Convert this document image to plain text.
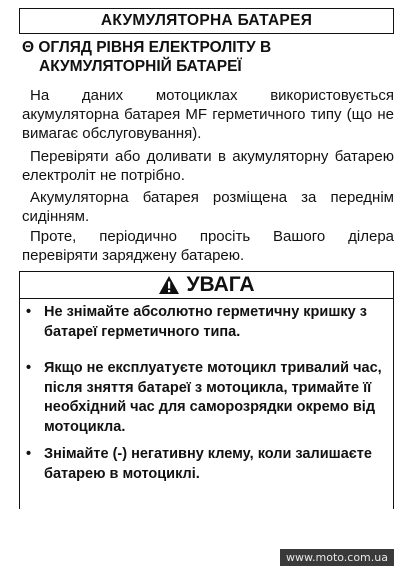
АКУМУЛЯТОРНА БАТАРЕЯ
Θ ОГЛЯД РІВНЯ ЕЛЕКТРОЛІТУ В
АКУМУЛЯТОРНІЙ БАТАРЕЇ
На даних мотоциклах використовується акумуляторна батарея MF герметичного типу (що не вимагає обслуговування).
Перевіряти або доливати в акумуляторну батарею електроліт не потрібно.
Акумуляторна батарея розміщена за переднім сидінням.
Проте, періодично просіть Вашого ділера перевіряти заряджену батарею.
УВАГА
• Не знімайте абсолютно герметичну кришку з батареї герметичного типа.
• Якщо не експлуатуєте мотоцикл тривалий час, після зняття батареї з мотоцикла, тримайте її необхідний час для саморозрядки окремо від мотоцикла.
• Знімайте (-) негативну клему, коли залишаєте батарею в мотоциклі.
www.moto.com.ua
